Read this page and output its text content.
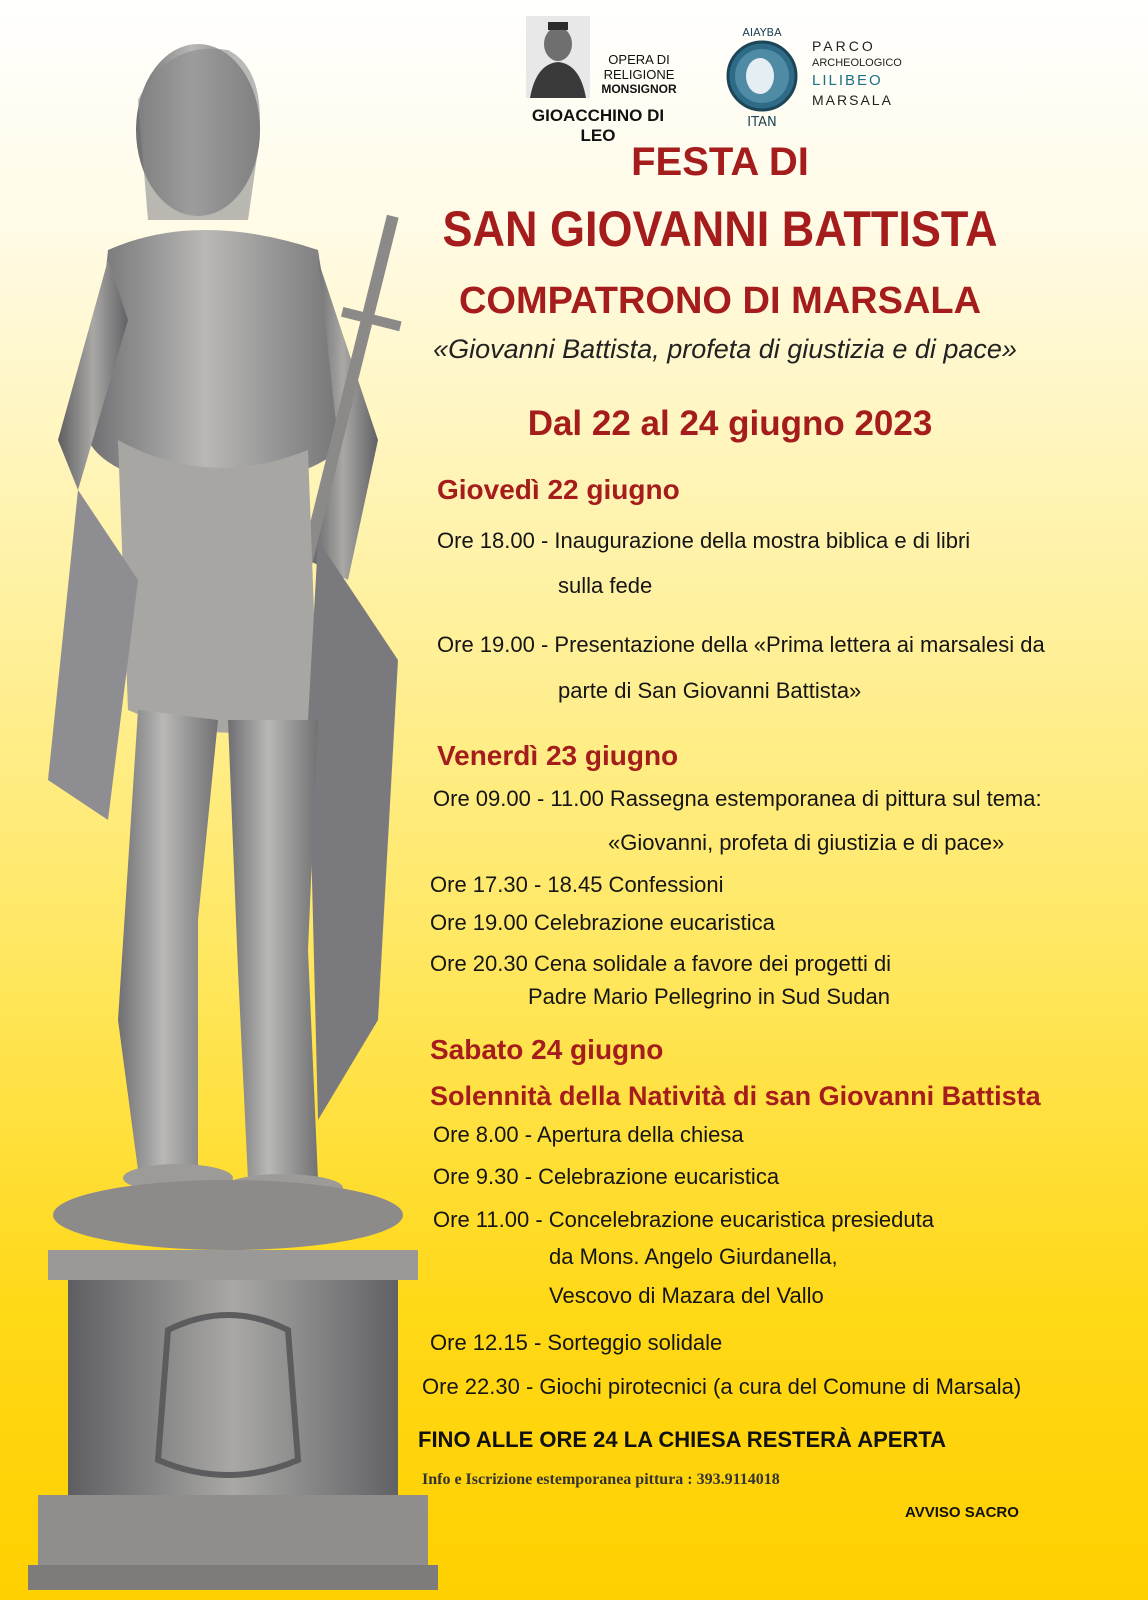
OPERA DI
RELIGIONE
MONSIGNOR
GIOACCHINO DI LEO
AIAYBA
ITAN
PARCO
ARCHEOLOGICO
LILIBEO
MARSALA
FESTA DI
SAN GIOVANNI BATTISTA
COMPATRONO DI MARSALA
«Giovanni Battista, profeta di giustizia e di pace»
Dal 22 al 24 giugno 2023
Giovedì 22 giugno
Ore 18.00 - Inaugurazione della mostra biblica e di libri
sulla fede
Ore 19.00 - Presentazione della «Prima lettera ai marsalesi da
parte di San Giovanni Battista»
Venerdì 23 giugno
Ore 09.00 - 11.00 Rassegna estemporanea di pittura sul tema:
«Giovanni, profeta di giustizia e di pace»
Ore 17.30 - 18.45 Confessioni
Ore 19.00 Celebrazione eucaristica
Ore 20.30 Cena solidale a favore dei progetti di
Padre Mario Pellegrino in Sud Sudan
Sabato 24 giugno
Solennità della Natività di san Giovanni Battista
Ore 8.00 - Apertura della chiesa
Ore 9.30 - Celebrazione eucaristica
Ore 11.00 - Concelebrazione eucaristica presieduta
da Mons. Angelo Giurdanella,
Vescovo di Mazara del Vallo
Ore 12.15 - Sorteggio solidale
Ore 22.30 - Giochi pirotecnici (a cura del Comune di Marsala)
FINO ALLE ORE 24 LA CHIESA RESTERÀ APERTA
Info e Iscrizione estemporanea pittura : 393.9114018
AVVISO SACRO
